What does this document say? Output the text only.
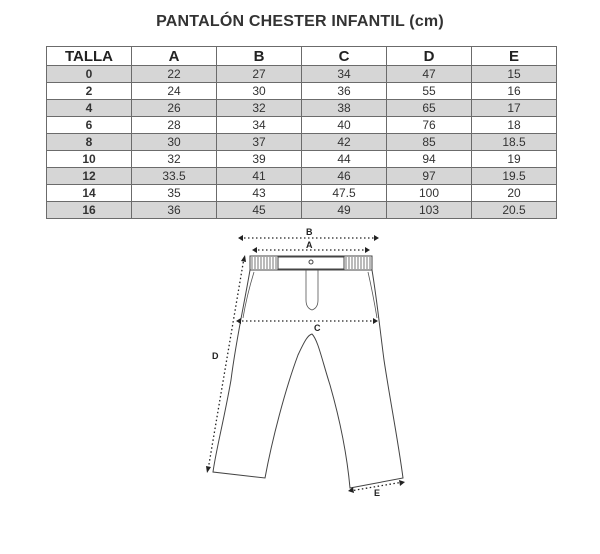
PANTALÓN CHESTER INFANTIL (cm)
TALLA	A	B	C	D	E
0	22	27	34	47	15
2	24	30	36	55	16
4	26	32	38	65	17
6	28	34	40	76	18
8	30	37	42	85	18.5
10	32	39	44	94	19
12	33.5	41	46	97	19.5
14	35	43	47.5	100	20
16	36	45	49	103	20.5
B
A
C
D
E
